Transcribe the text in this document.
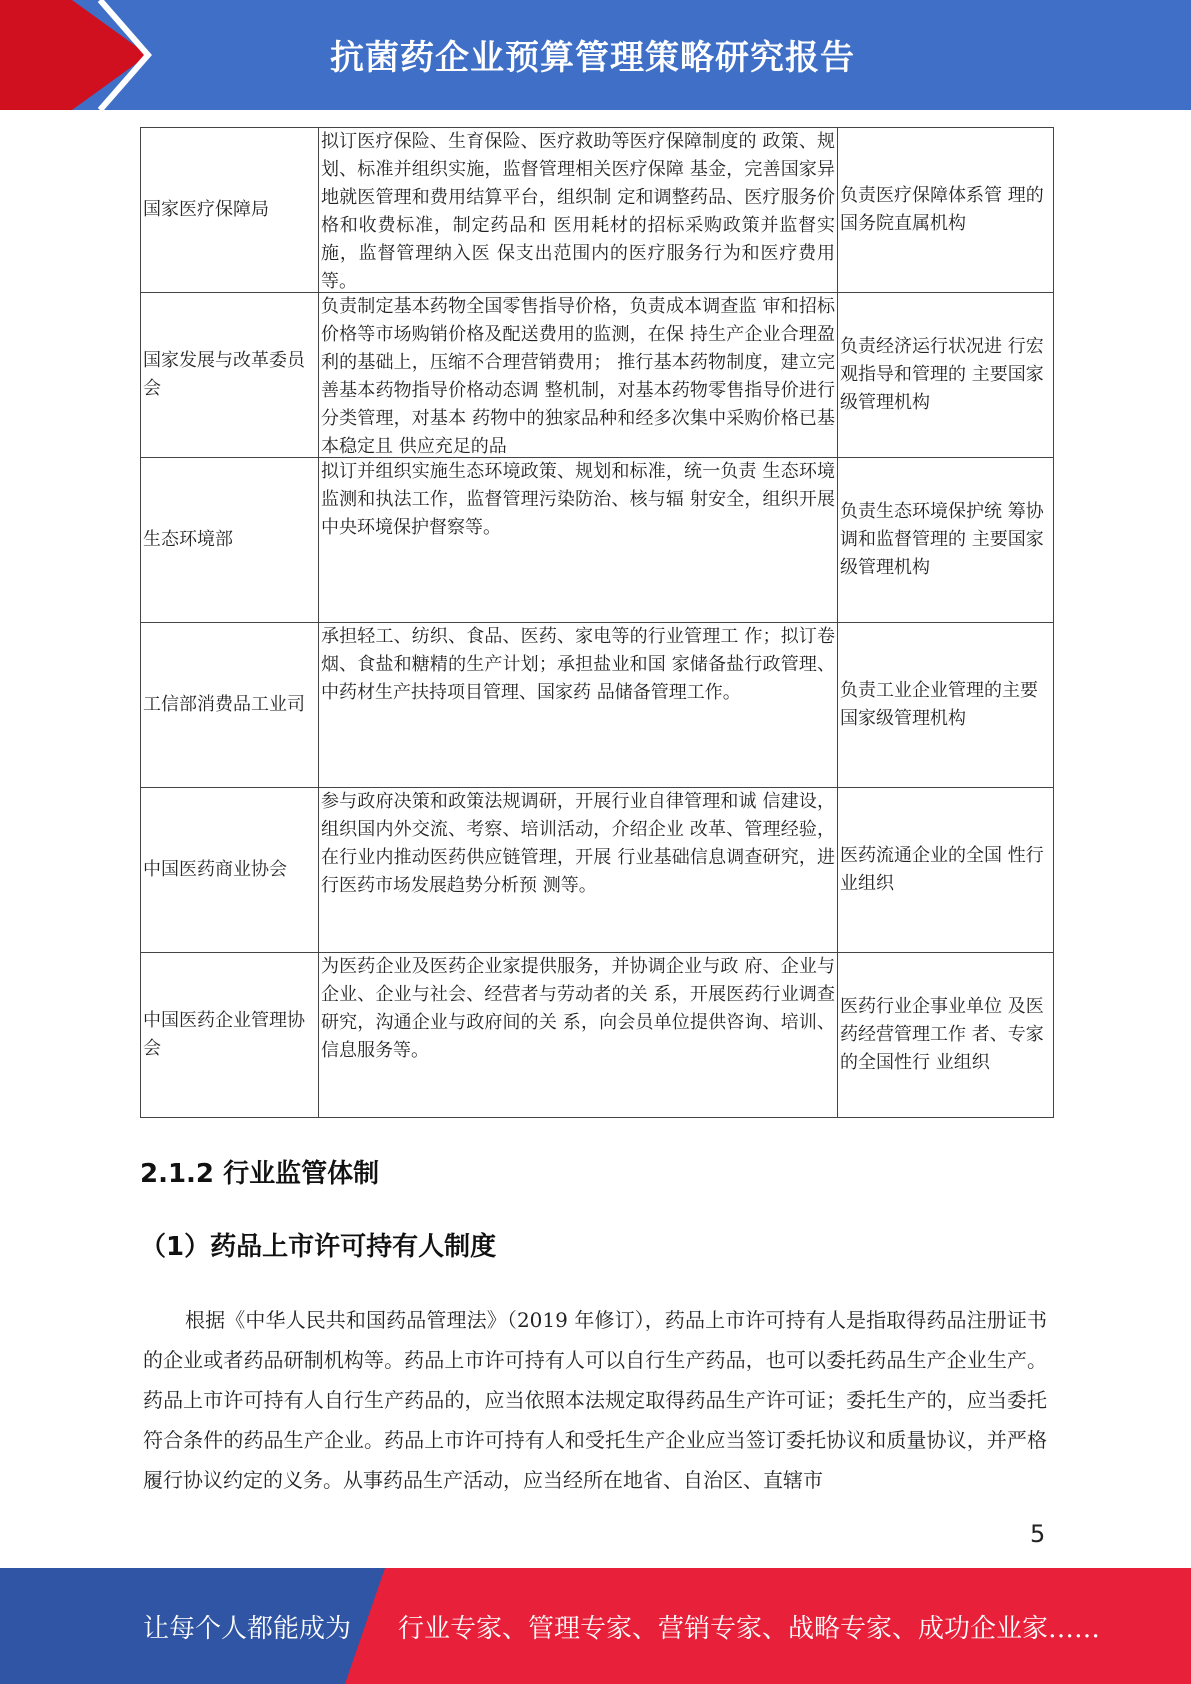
抗菌药企业预算管理策略研究报告
国家医疗保障局	拟订医疗保险、生育保险、医疗救助等医疗保障制度的 政策、规划、标准并组织实施，监督管理相关医疗保障 基金，完善国家异地就医管理和费用结算平台，组织制 定和调整药品、医疗服务价格和收费标准，制定药品和 医用耗材的招标采购政策并监督实施，监督管理纳入医 保支出范围内的医疗服务行为和医疗费用等。	负责医疗保障体系管 理的国务院直属机构
国家发展与改革委员会	负责制定基本药物全国零售指导价格，负责成本调查监 审和招标价格等市场购销价格及配送费用的监测，在保 持生产企业合理盈利的基础上，压缩不合理营销费用； 推行基本药物制度，建立完善基本药物指导价格动态调 整机制，对基本药物零售指导价进行分类管理，对基本 药物中的独家品种和经多次集中采购价格已基本稳定且 供应充足的品	负责经济运行状况进 行宏观指导和管理的 主要国家级管理机构
生态环境部	拟订并组织实施生态环境政策、规划和标准，统一负责 生态环境监测和执法工作，监督管理污染防治、核与辐 射安全，组织开展中央环境保护督察等。	负责生态环境保护统 筹协调和监督管理的 主要国家级管理机构
工信部消费品工业司	承担轻工、纺织、食品、医药、家电等的行业管理工 作；拟订卷烟、食盐和糖精的生产计划；承担盐业和国 家储备盐行政管理、中药材生产扶持项目管理、国家药 品储备管理工作。	负责工业企业管理的主要国家级管理机构
中国医药商业协会	参与政府决策和政策法规调研，开展行业自律管理和诚 信建设，组织国内外交流、考察、培训活动，介绍企业 改革、管理经验，在行业内推动医药供应链管理，开展 行业基础信息调查研究，进行医药市场发展趋势分析预 测等。	医药流通企业的全国 性行业组织
中国医药企业管理协会	为医药企业及医药企业家提供服务，并协调企业与政 府、企业与企业、企业与社会、经营者与劳动者的关 系，开展医药行业调查研究，沟通企业与政府间的关 系，向会员单位提供咨询、培训、信息服务等。	医药行业企事业单位 及医药经营管理工作 者、专家的全国性行 业组织
2.1.2 行业监管体制
（1）药品上市许可持有人制度
根据《中华人民共和国药品管理法》（2019 年修订），药品上市许可持有人是指取得药品注册证书的企业或者药品研制机构等。药品上市许可持有人可以自行生产药品，也可以委托药品生产企业生产。药品上市许可持有人自行生产药品的，应当依照本法规定取得药品生产许可证；委托生产的，应当委托符合条件的药品生产企业。药品上市许可持有人和受托生产企业应当签订委托协议和质量协议，并严格履行协议约定的义务。从事药品生产活动，应当经所在地省、自治区、直辖市
5
让每个人都能成为 行业专家、管理专家、营销专家、战略专家、成功企业家……
